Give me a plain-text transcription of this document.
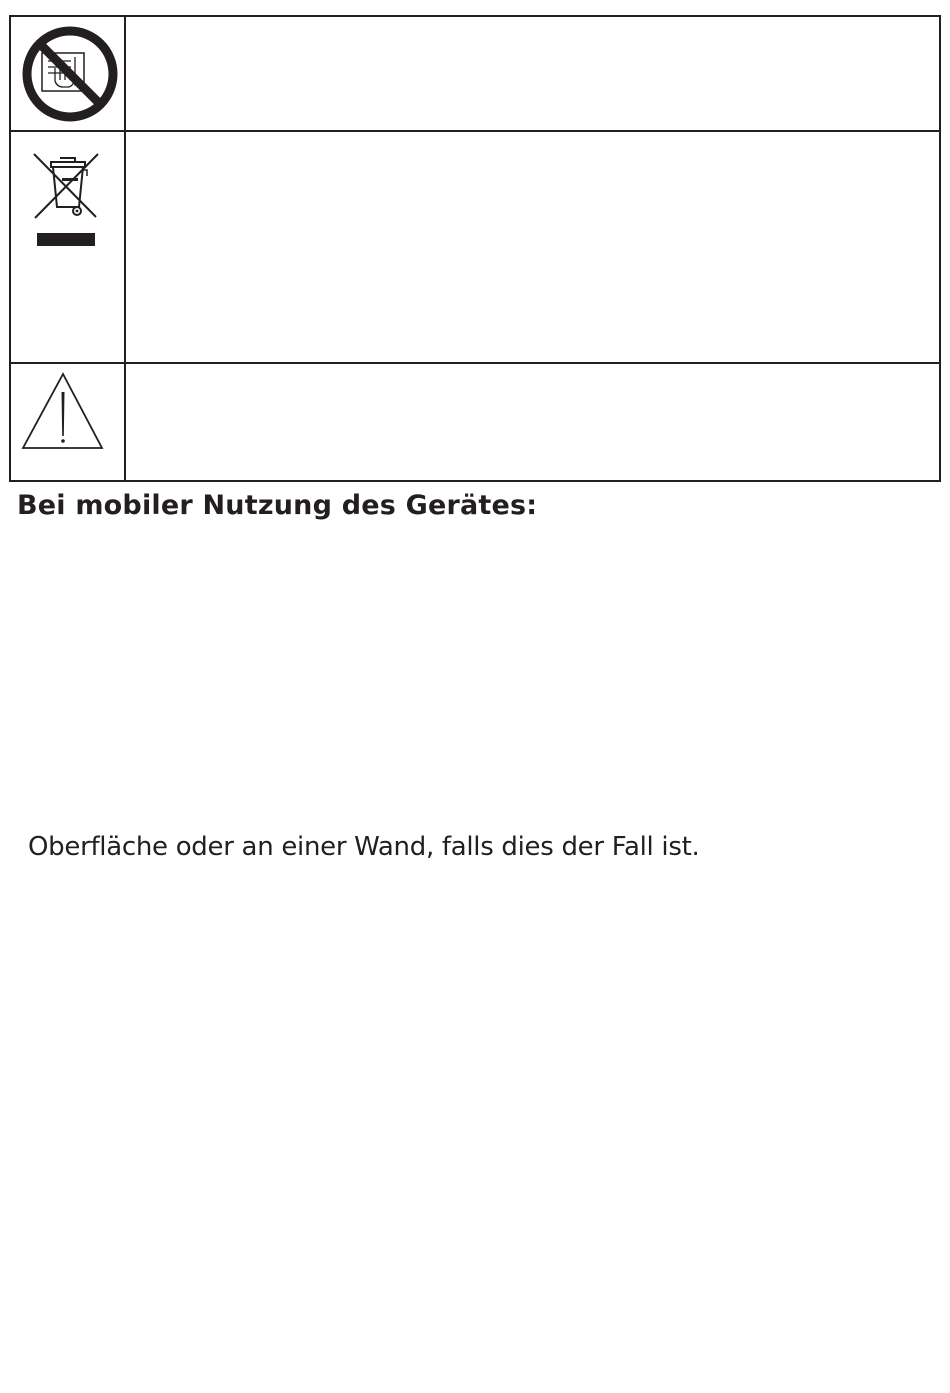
Bei mobiler Nutzung des Gerätes:

Oberfläche oder an einer Wand, falls dies der Fall ist.
